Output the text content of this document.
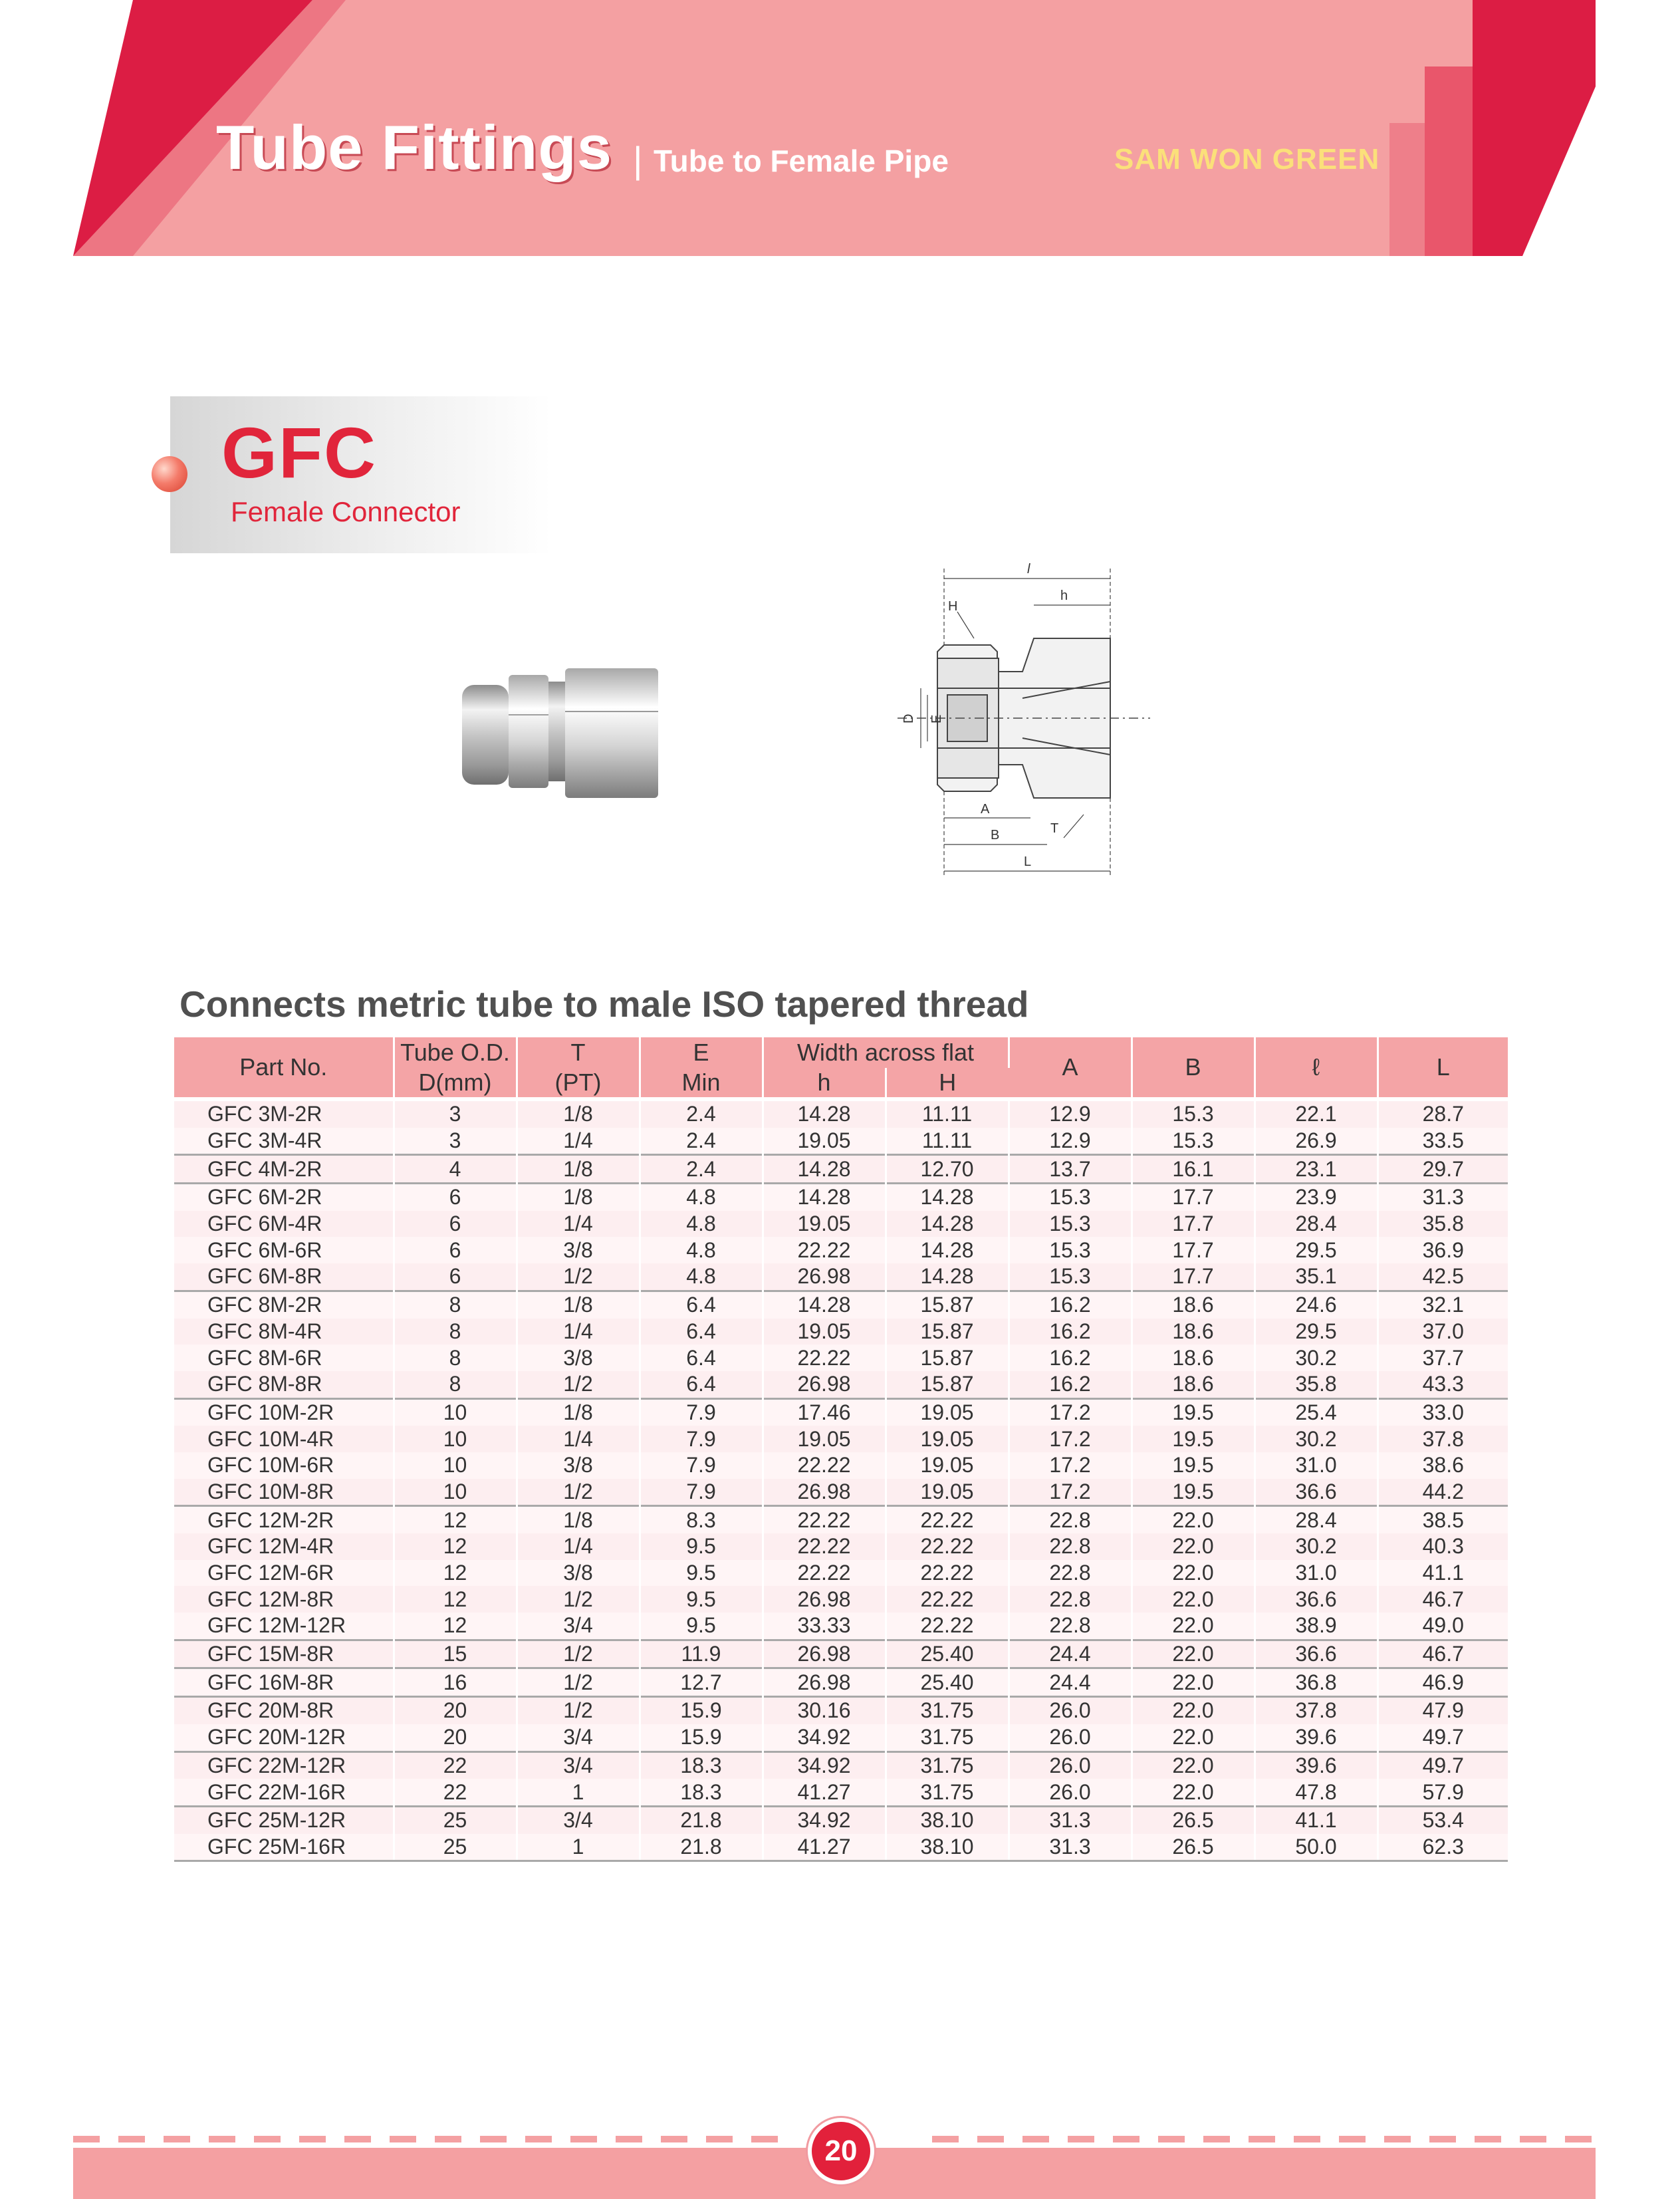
Tube Fittings | Tube to Female Pipe	SAM WON GREEN
GFC
Female Connector
l
h
H
D E
A
B	T
L
Connects metric tube to male ISO tapered thread
Part No.	Tube O.D.	T	E	Width across flat		A	B	ℓ	L
	D(mm)	(PT)	Min	h	H				

GFC 3M-2R	3	1/8	2.4	14.28	11.11	12.9	15.3	22.1	28.7
GFC 3M-4R	3	1/4	2.4	19.05	11.11	12.9	15.3	26.9	33.5
GFC 4M-2R	4	1/8	2.4	14.28	12.70	13.7	16.1	23.1	29.7
GFC 6M-2R	6	1/8	4.8	14.28	14.28	15.3	17.7	23.9	31.3
GFC 6M-4R	6	1/4	4.8	19.05	14.28	15.3	17.7	28.4	35.8
GFC 6M-6R	6	3/8	4.8	22.22	14.28	15.3	17.7	29.5	36.9
GFC 6M-8R	6	1/2	4.8	26.98	14.28	15.3	17.7	35.1	42.5
GFC 8M-2R	8	1/8	6.4	14.28	15.87	16.2	18.6	24.6	32.1
GFC 8M-4R	8	1/4	6.4	19.05	15.87	16.2	18.6	29.5	37.0
GFC 8M-6R	8	3/8	6.4	22.22	15.87	16.2	18.6	30.2	37.7
GFC 8M-8R	8	1/2	6.4	26.98	15.87	16.2	18.6	35.8	43.3
GFC 10M-2R	10	1/8	7.9	17.46	19.05	17.2	19.5	25.4	33.0
GFC 10M-4R	10	1/4	7.9	19.05	19.05	17.2	19.5	30.2	37.8
GFC 10M-6R	10	3/8	7.9	22.22	19.05	17.2	19.5	31.0	38.6
GFC 10M-8R	10	1/2	7.9	26.98	19.05	17.2	19.5	36.6	44.2
GFC 12M-2R	12	1/8	8.3	22.22	22.22	22.8	22.0	28.4	38.5
GFC 12M-4R	12	1/4	9.5	22.22	22.22	22.8	22.0	30.2	40.3
GFC 12M-6R	12	3/8	9.5	22.22	22.22	22.8	22.0	31.0	41.1
GFC 12M-8R	12	1/2	9.5	26.98	22.22	22.8	22.0	36.6	46.7
GFC 12M-12R	12	3/4	9.5	33.33	22.22	22.8	22.0	38.9	49.0
GFC 15M-8R	15	1/2	11.9	26.98	25.40	24.4	22.0	36.6	46.7
GFC 16M-8R	16	1/2	12.7	26.98	25.40	24.4	22.0	36.8	46.9
GFC 20M-8R	20	1/2	15.9	30.16	31.75	26.0	22.0	37.8	47.9
GFC 20M-12R	20	3/4	15.9	34.92	31.75	26.0	22.0	39.6	49.7
GFC 22M-12R	22	3/4	18.3	34.92	31.75	26.0	22.0	39.6	49.7
GFC 22M-16R	22	1	18.3	41.27	31.75	26.0	22.0	47.8	57.9
GFC 25M-12R	25	3/4	21.8	34.92	38.10	31.3	26.5	41.1	53.4
GFC 25M-16R	25	1	21.8	41.27	38.10	31.3	26.5	50.0	62.3
20
